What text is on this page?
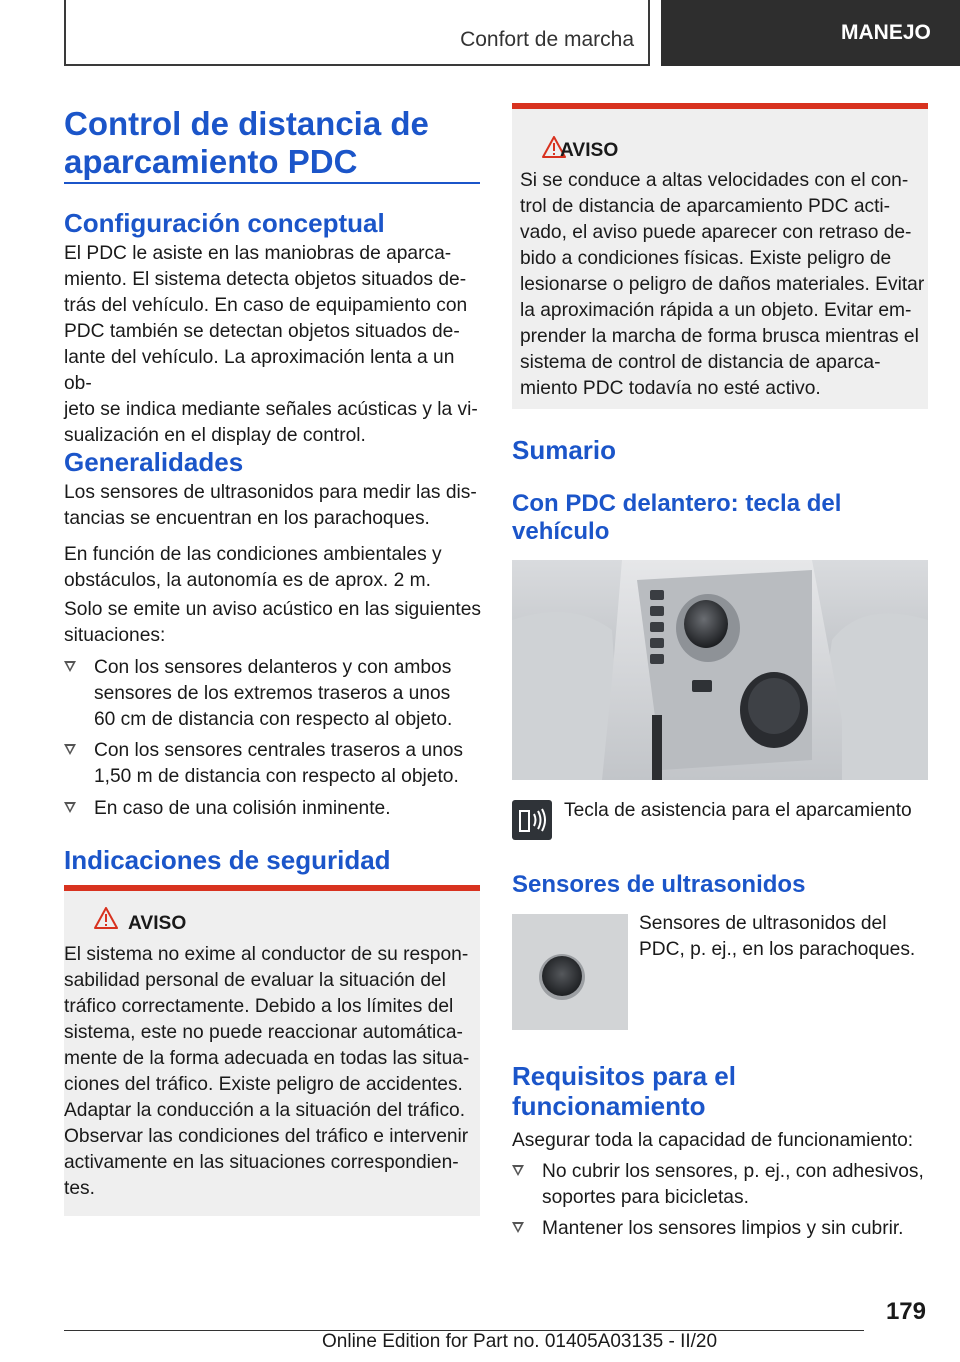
Confort de marcha	MANEJO
Control de distancia de
aparcamiento PDC
Configuración conceptual
El PDC le asiste en las maniobras de aparca‐
miento. El sistema detecta objetos situados de‐
trás del vehículo. En caso de equipamiento con
PDC también se detectan objetos situados de‐
lante del vehículo. La aproximación lenta a un ob‐
jeto se indica mediante señales acústicas y la vi‐
sualización en el display de control.
Generalidades
Los sensores de ultrasonidos para medir las dis‐
tancias se encuentran en los parachoques.
En función de las condiciones ambientales y
obstáculos, la autonomía es de aprox. 2 m.
Solo se emite un aviso acústico en las siguientes
situaciones:
Con los sensores delanteros y con ambos
sensores de los extremos traseros a unos
60 cm de distancia con respecto al objeto.
Con los sensores centrales traseros a unos
1,50 m de distancia con respecto al objeto.
En caso de una colisión inminente.
Indicaciones de seguridad
AVISO
El sistema no exime al conductor de su respon‐
sabilidad personal de evaluar la situación del
tráfico correctamente. Debido a los límites del
sistema, este no puede reaccionar automática‐
mente de la forma adecuada en todas las situa‐
ciones del tráfico. Existe peligro de accidentes.
Adaptar la conducción a la situación del tráfico.
Observar las condiciones del tráfico e intervenir
activamente en las situaciones correspondien‐
tes.
AVISO
Si se conduce a altas velocidades con el con‐
trol de distancia de aparcamiento PDC acti‐
vado, el aviso puede aparecer con retraso de‐
bido a condiciones físicas. Existe peligro de
lesionarse o peligro de daños materiales. Evitar
la aproximación rápida a un objeto. Evitar em‐
prender la marcha de forma brusca mientras el
sistema de control de distancia de aparca‐
miento PDC todavía no esté activo.
Sumario
Con PDC delantero: tecla del
vehículo
Tecla de asistencia para el aparcamiento
Sensores de ultrasonidos
Sensores de ultrasonidos del
PDC, p. ej., en los parachoques.
Requisitos para el
funcionamiento
Asegurar toda la capacidad de funcionamiento:
No cubrir los sensores, p. ej., con adhesivos,
soportes para bicicletas.
Mantener los sensores limpios y sin cubrir.
179
Online Edition for Part no. 01405A03135 - II/20
